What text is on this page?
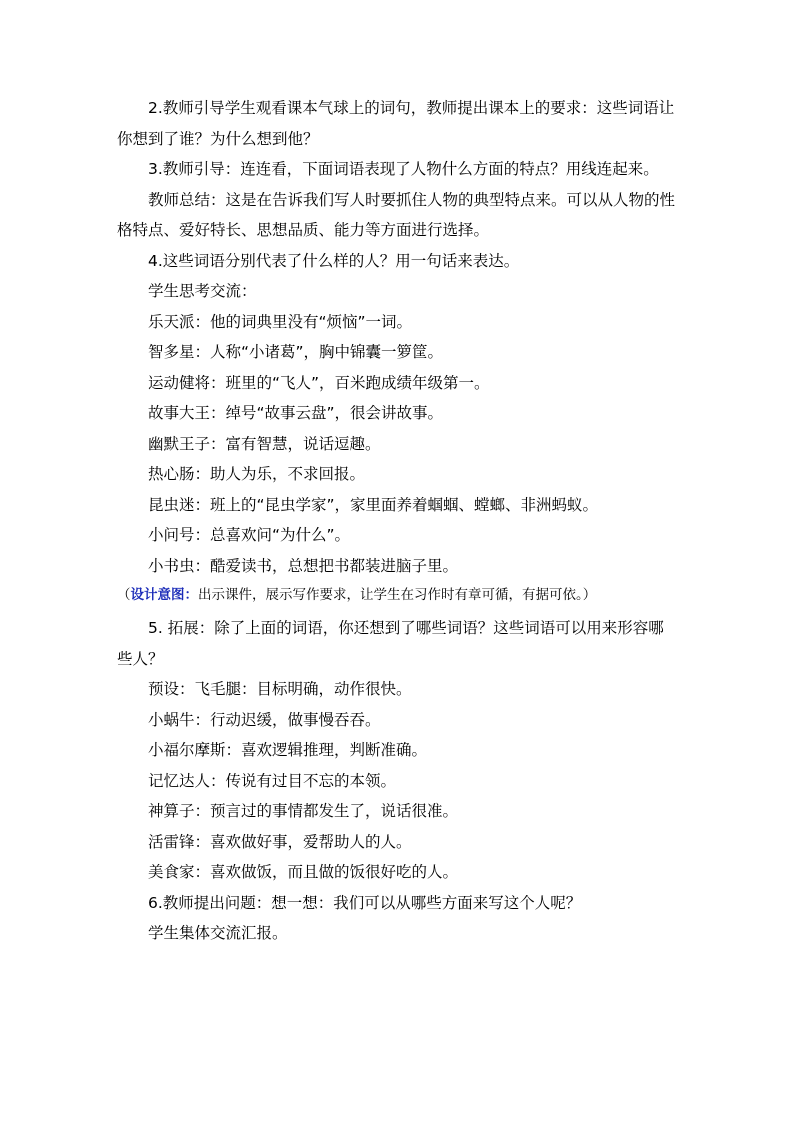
2.教师引导学生观看课本气球上的词句，教师提出课本上的要求：这些词语让你想到了谁？为什么想到他？

3.教师引导：连连看，下面词语表现了人物什么方面的特点？用线连起来。

教师总结：这是在告诉我们写人时要抓住人物的典型特点来。可以从人物的性格特点、爱好特长、思想品质、能力等方面进行选择。

4.这些词语分别代表了什么样的人？用一句话来表达。

学生思考交流：

乐天派：他的词典里没有“烦恼”一词。

智多星：人称“小诸葛”，胸中锦囊一箩筐。

运动健将：班里的“飞人”，百米跑成绩年级第一。

故事大王：绰号“故事云盘”，很会讲故事。

幽默王子：富有智慧，说话逗趣。

热心肠：助人为乐，不求回报。

昆虫迷：班上的“昆虫学家”，家里面养着蝈蝈、螳螂、非洲蚂蚁。

小问号：总喜欢问“为什么”。

小书虫：酷爱读书，总想把书都装进脑子里。

（设计意图：出示课件，展示写作要求，让学生在习作时有章可循，有据可依。）

5. 拓展：除了上面的词语，你还想到了哪些词语？这些词语可以用来形容哪些人？

预设：飞毛腿：目标明确，动作很快。

小蜗牛：行动迟缓，做事慢吞吞。

小福尔摩斯：喜欢逻辑推理，判断准确。

记忆达人：传说有过目不忘的本领。

神算子：预言过的事情都发生了，说话很准。

活雷锋：喜欢做好事，爱帮助人的人。

美食家：喜欢做饭，而且做的饭很好吃的人。

6.教师提出问题：想一想：我们可以从哪些方面来写这个人呢？

学生集体交流汇报。
